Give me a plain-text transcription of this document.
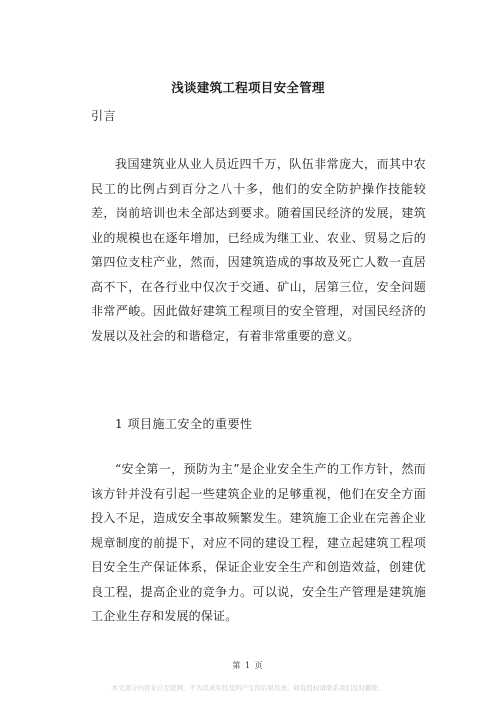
浅谈建筑工程项目安全管理
引言
我国建筑业从业人员近四千万，队伍非常庞大，而其中农民工的比例占到百分之八十多，他们的安全防护操作技能较差，岗前培训也未全部达到要求。随着国民经济的发展，建筑业的规模也在逐年增加，已经成为继工业、农业、贸易之后的第四位支柱产业，然而，因建筑造成的事故及死亡人数一直居高不下，在各行业中仅次于交通、矿山，居第三位，安全问题非常严峻。因此做好建筑工程项目的安全管理，对国民经济的发展以及社会的和谐稳定，有着非常重要的意义。
1 项目施工安全的重要性
“安全第一，预防为主”是企业安全生产的工作方针，然而该方针并没有引起一些建筑企业的足够重视，他们在安全方面投入不足，造成安全事故频繁发生。建筑施工企业在完善企业规章制度的前提下，对应不同的建设工程，建立起建筑工程项目安全生产保证体系，保证企业安全生产和创造效益，创建优良工程，提高企业的竞争力。可以说，安全生产管理是建筑施工企业生存和发展的保证。
第 1 页
本文部分内容来自互联网，不为其真实性及所产生的后果负责，如有侵权请联系我们及时删除。
